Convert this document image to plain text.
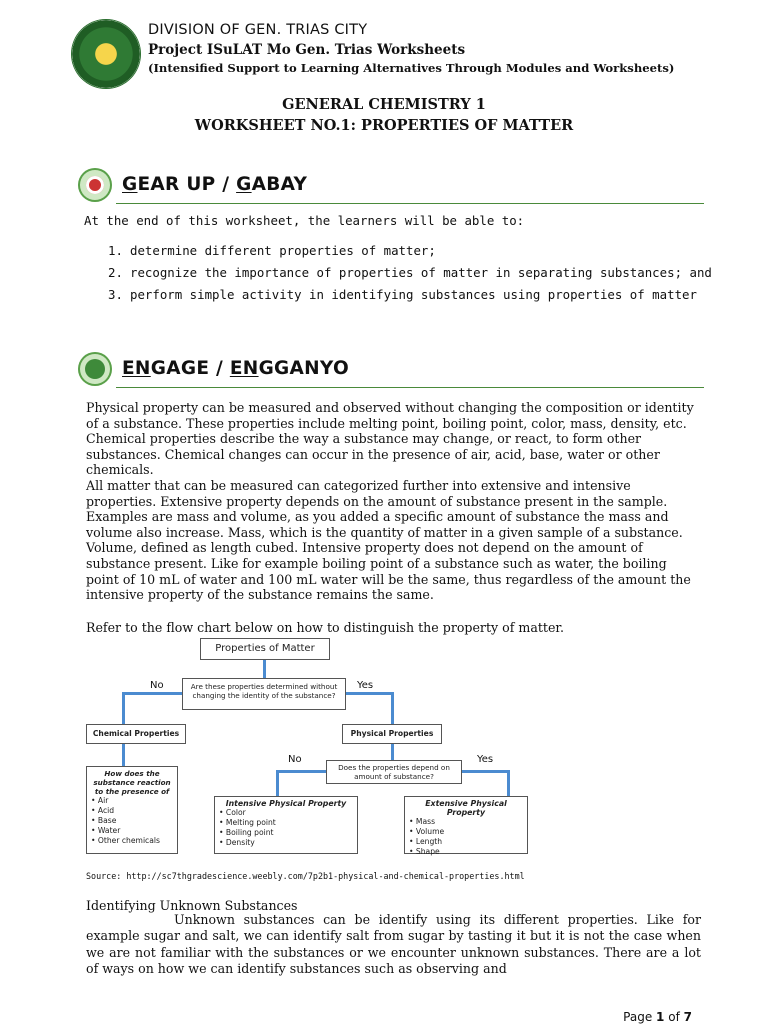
DIVISION OF GEN. TRIAS CITY
Project ISuLAT Mo Gen. Trias Worksheets
(Intensified Support to Learning Alternatives Through Modules and Worksheets)
GENERAL CHEMISTRY 1
WORKSHEET NO.1: PROPERTIES OF MATTER
GEAR UP / GABAY
At the end of this worksheet, the learners will be able to:
1. determine different properties of matter;
2. recognize the importance of properties of matter in separating substances; and
3. perform simple activity in identifying substances using properties of matter
ENGAGE / ENGGANYO
Physical property can be measured and observed without changing the composition or identity of a substance. These properties include melting point, boiling point, color, mass, density, etc. Chemical properties describe the way a substance may change, or react, to form other substances. Chemical changes can occur in the presence of air, acid, base, water or other chemicals.
All matter that can be measured can categorized further into extensive and intensive properties. Extensive property depends on the amount of substance present in the sample. Examples are mass and volume, as you added a specific amount of substance the mass and volume also increase. Mass, which is the quantity of matter in a given sample of a substance. Volume, defined as length cubed. Intensive property does not depend on the amount of substance present. Like for example boiling point of a substance such as water, the boiling point of 10 mL of water and 100 mL water will be the same, thus regardless of the amount the intensive property of the substance remains the same.
Refer to the flow chart below on how to distinguish the property of matter.
Properties of Matter
Are these properties determined without changing the identity of the substance?
No	Yes
Chemical Properties
How does the substance reaction to the presence of
• Air
• Acid
• Base
• Water
• Other chemicals
Physical Properties
Does the properties depend on amount of substance?
No	Yes
Intensive Physical Property
• Color
• Melting point
• Boiling point
• Density
Extensive Physical Property
• Mass
• Volume
• Length
• Shape
Source: http://sc7thgradescience.weebly.com/7p2b1-physical-and-chemical-properties.html
Identifying Unknown Substances
Unknown substances can be identify using its different properties. Like for example sugar and salt, we can identify salt from sugar by tasting it but it is not the case when we are not familiar with the substances or we encounter unknown substances. There are a lot of ways on how we can identify substances such as observing and
Page 1 of 7
